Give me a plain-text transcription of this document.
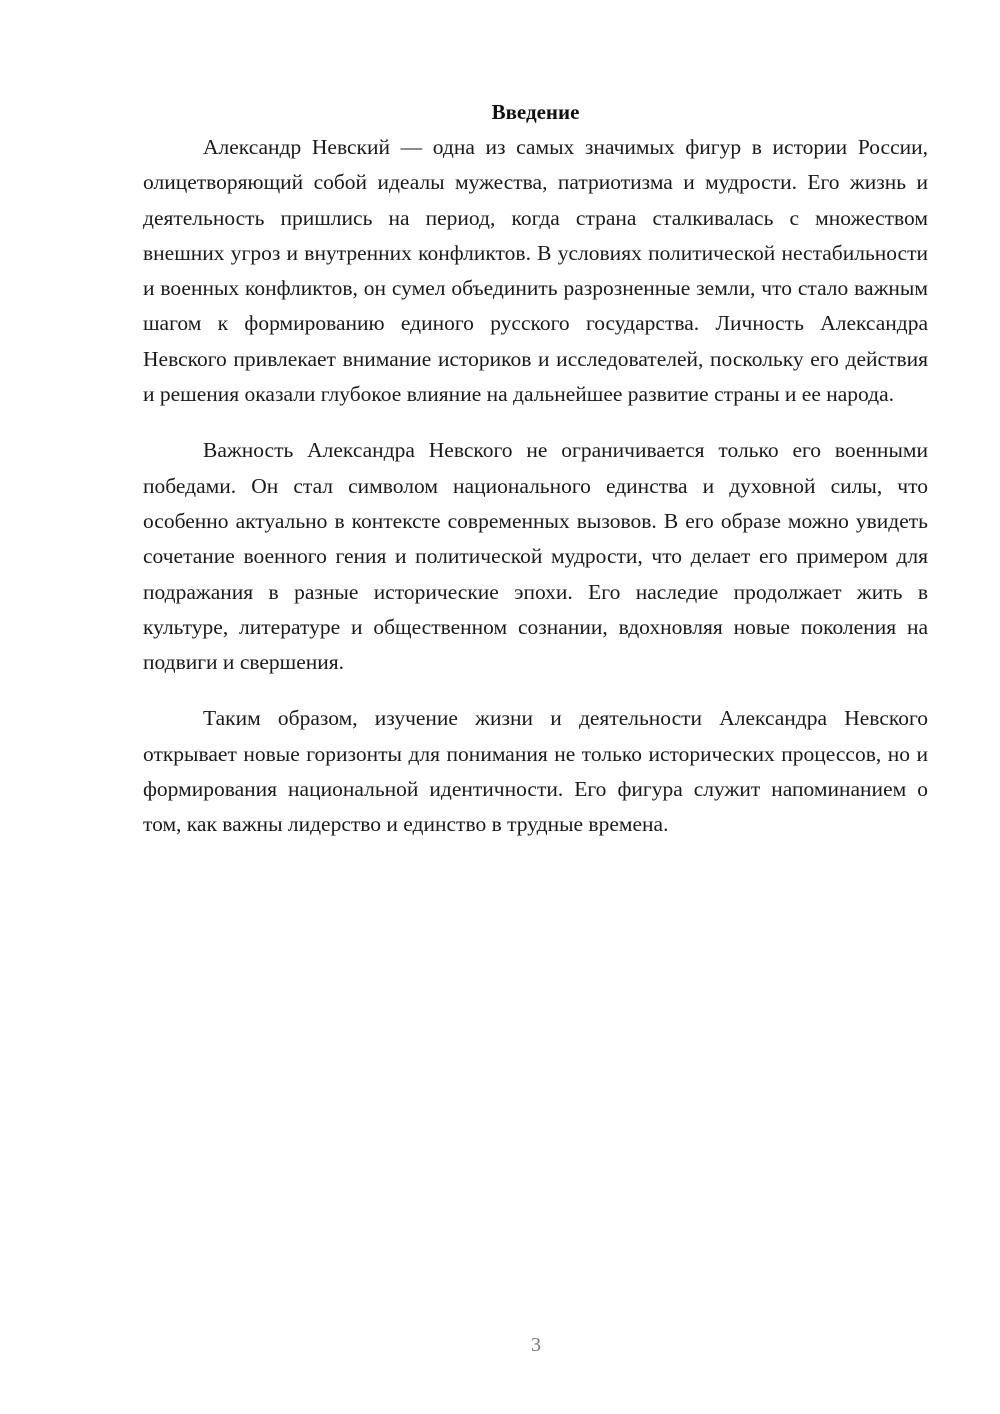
Введение

Александр Невский — одна из самых значимых фигур в истории России, олицетворяющий собой идеалы мужества, патриотизма и мудрости. Его жизнь и деятельность пришлись на период, когда страна сталкивалась с множеством внешних угроз и внутренних конфликтов. В условиях политической нестабильности и военных конфликтов, он сумел объединить разрозненные земли, что стало важным шагом к формированию единого русского государства. Личность Александра Невского привлекает внимание историков и исследователей, поскольку его действия и решения оказали глубокое влияние на дальнейшее развитие страны и ее народа.

Важность Александра Невского не ограничивается только его военными победами. Он стал символом национального единства и духовной силы, что особенно актуально в контексте современных вызовов. В его образе можно увидеть сочетание военного гения и политической мудрости, что делает его примером для подражания в разные исторические эпохи. Его наследие продолжает жить в культуре, литературе и общественном сознании, вдохновляя новые поколения на подвиги и свершения.

Таким образом, изучение жизни и деятельности Александра Невского открывает новые горизонты для понимания не только исторических процессов, но и формирования национальной идентичности. Его фигура служит напоминанием о том, как важны лидерство и единство в трудные времена.

3
